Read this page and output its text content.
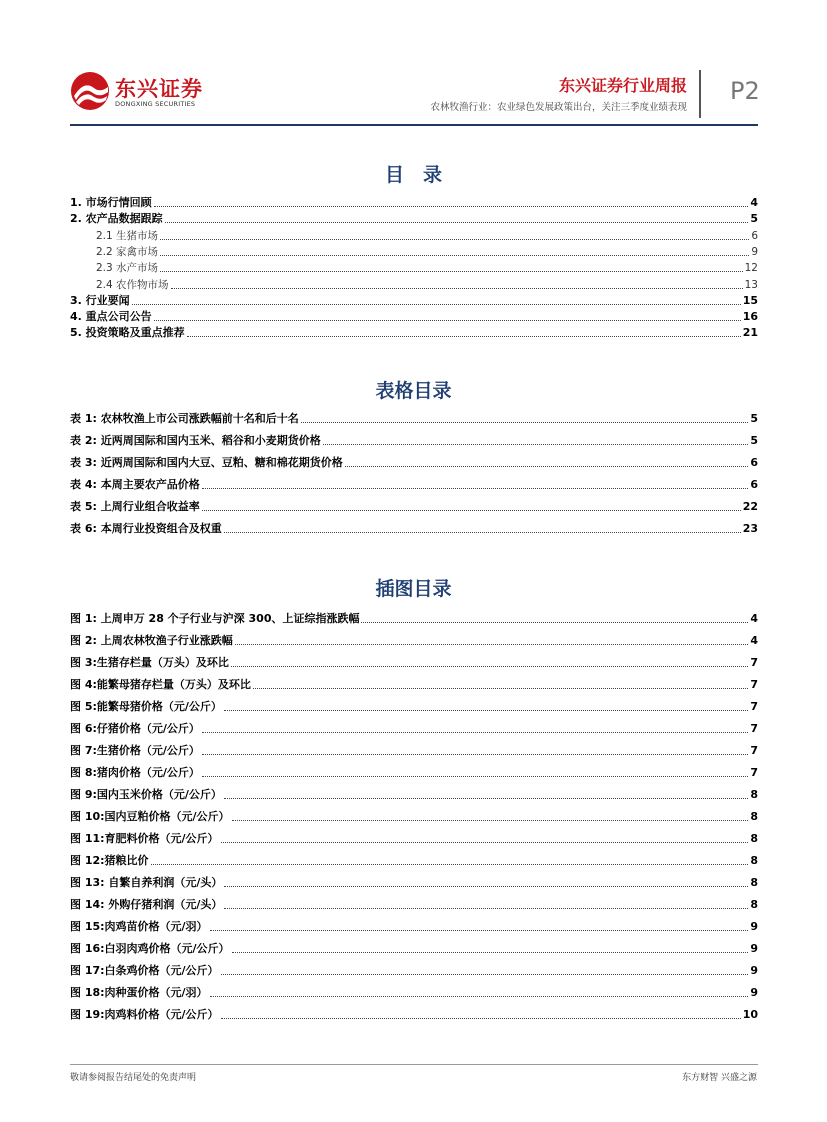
东兴证券
DONGXING SECURITIES
东兴证券行业周报
农林牧渔行业：农业绿色发展政策出台，关注三季度业绩表现
P2
目　录
1. 市场行情回顾	4
2. 农产品数据跟踪	5
2.1 生猪市场	6
2.2 家禽市场	9
2.3 水产市场	12
2.4 农作物市场	13
3. 行业要闻	15
4. 重点公司公告	16
5. 投资策略及重点推荐	21
表格目录
表 1: 农林牧渔上市公司涨跌幅前十名和后十名	5
表 2: 近两周国际和国内玉米、稻谷和小麦期货价格	5
表 3: 近两周国际和国内大豆、豆粕、糖和棉花期货价格	6
表 4: 本周主要农产品价格	6
表 5: 上周行业组合收益率	22
表 6: 本周行业投资组合及权重	23
插图目录
图 1: 上周申万 28 个子行业与沪深 300、上证综指涨跌幅	4
图 2: 上周农林牧渔子行业涨跌幅	4
图 3:生猪存栏量（万头）及环比	7
图 4:能繁母猪存栏量（万头）及环比	7
图 5:能繁母猪价格（元/公斤）	7
图 6:仔猪价格（元/公斤）	7
图 7:生猪价格（元/公斤）	7
图 8:猪肉价格（元/公斤）	7
图 9:国内玉米价格（元/公斤）	8
图 10:国内豆粕价格（元/公斤）	8
图 11:育肥料价格（元/公斤）	8
图 12:猪粮比价	8
图 13: 自繁自养利润（元/头）	8
图 14: 外购仔猪利润（元/头）	8
图 15:肉鸡苗价格（元/羽）	9
图 16:白羽肉鸡价格（元/公斤）	9
图 17:白条鸡价格（元/公斤）	9
图 18:肉种蛋价格（元/羽）	9
图 19:肉鸡料价格（元/公斤）	10
敬请参阅报告结尾处的免责声明	东方财智 兴盛之源
